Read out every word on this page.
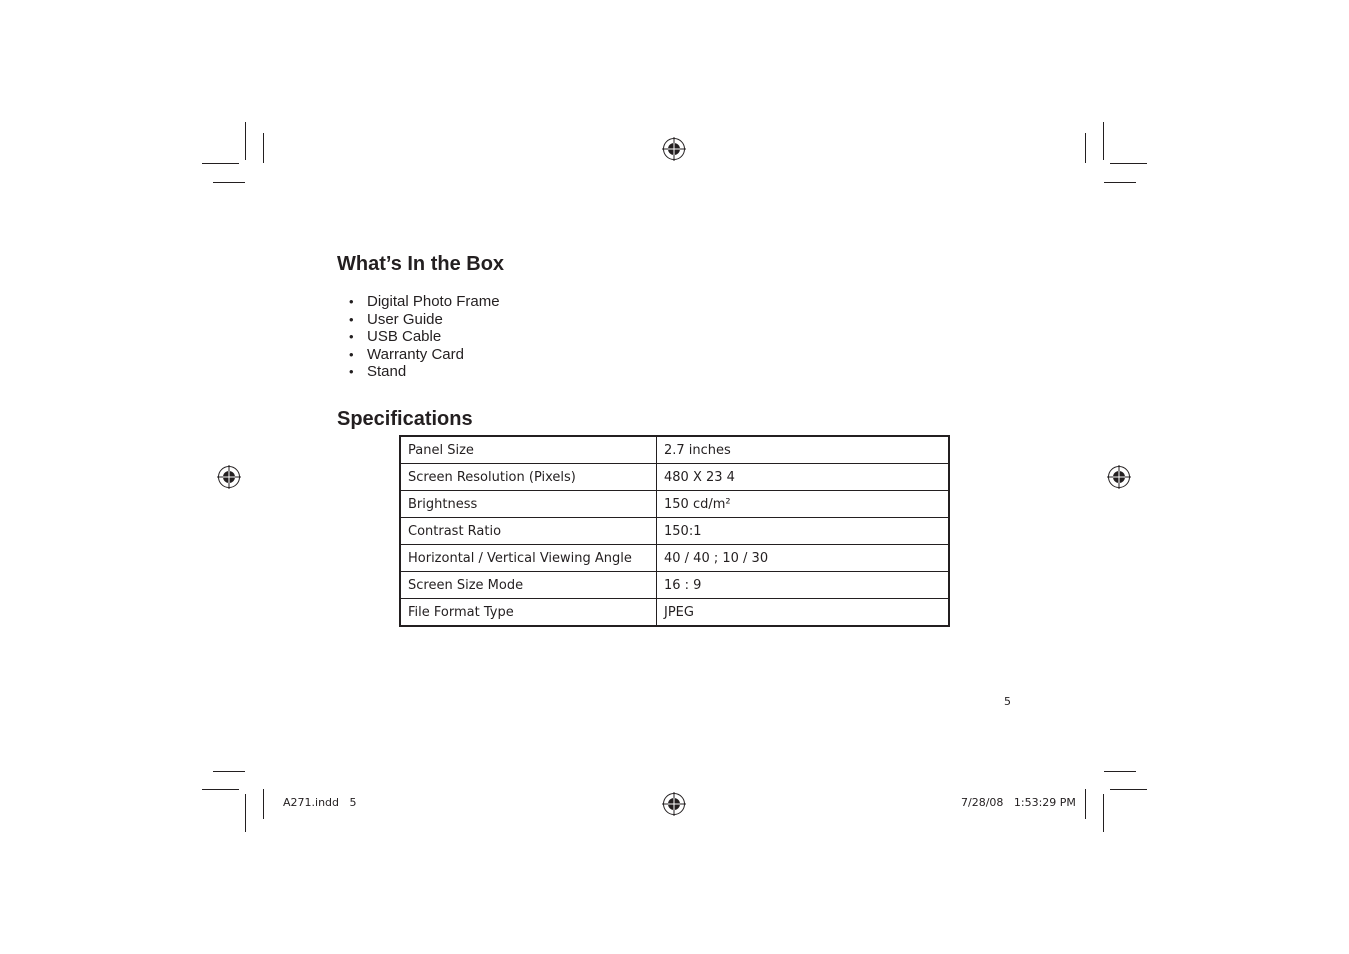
What’s In the Box
• Digital Photo Frame
• User Guide
• USB Cable
• Warranty Card
• Stand
Specifications
Panel Size	2.7 inches
Screen Resolution (Pixels)	480 X 23 4
Brightness	150 cd/m²
Contrast Ratio	150:1
Horizontal / Vertical Viewing Angle	40 / 40 ; 10 / 30
Screen Size Mode	16 : 9
File Format Type	JPEG
5
A271.indd   5	7/28/08   1:53:29 PM
